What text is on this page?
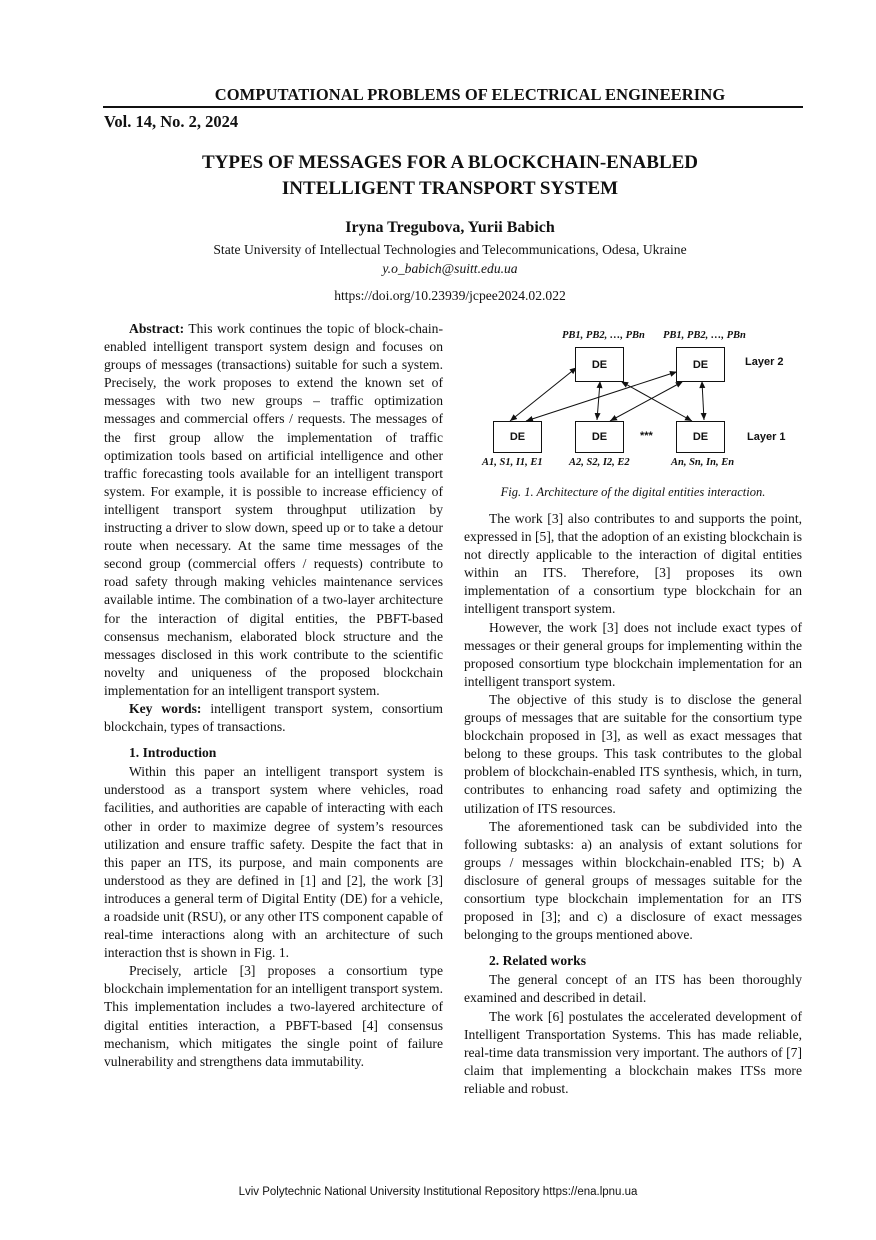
COMPUTATIONAL PROBLEMS OF ELECTRICAL ENGINEERING
Vol. 14, No. 2, 2024
TYPES OF MESSAGES FOR A BLOCKCHAIN-ENABLED
INTELLIGENT TRANSPORT SYSTEM
Iryna Tregubova, Yurii Babich
State University of Intellectual Technologies and Telecommunications, Odesa, Ukraine
y.o_babich@suitt.edu.ua
https://doi.org/10.23939/jcpee2024.02.022

Abstract: This work continues the topic of block-chain-enabled intelligent transport system design and focuses on groups of messages (transactions) suitable for such a system. Precisely, the work proposes to extend the known set of messages with two new groups – traffic optimization messages and commercial offers / requests. The messages of the first group allow the implementation of traffic optimization tools based on artificial intelligence and other traffic forecasting tools available for an intelligent transport system. For example, it is possible to increase efficiency of intelligent transport system throughput utilization by instructing a driver to slow down, speed up or to take a detour route when necessary. At the same time messages of the second group (commercial offers / requests) contribute to road safety through making vehicles maintenance services available intime. The combination of a two-layer architecture for the interaction of digital entities, the PBFT-based consensus mechanism, elaborated block structure and the messages disclosed in this work contribute to the scientific novelty and uniqueness of the proposed blockchain implementation for an intelligent transport system.

Key words: intelligent transport system, consortium blockchain, types of transactions.

1. Introduction

Within this paper an intelligent transport system is understood as a transport system where vehicles, road facilities, and authorities are capable of interacting with each other in order to maximize degree of system’s resources utilization and ensure traffic safety. Despite the fact that in this paper an ITS, its purpose, and main components are understood as they are defined in [1] and [2], the work [3] introduces a general term of Digital Entity (DE) for a vehicle, a roadside unit (RSU), or any other ITS component capable of real-time interactions along with an architecture of such interaction thst is shown in Fig. 1.

Precisely, article [3] proposes a consortium type blockchain implementation for an intelligent transport system. This implementation includes a two-layered architecture of digital entities interaction, a PBFT-based [4] consensus mechanism, which mitigates the single point of failure vulnerability and strengthens data immutability.

PB1, PB2, …, PBn PB1, PB2, …, PBn
DE	DE	Layer 2
DE	DE	***	DE	Layer 1
A1, S1, I1, E1	A2, S2, I2, E2	An, Sn, In, En
Fig. 1. Architecture of the digital entities interaction.

The work [3] also contributes to and supports the point, expressed in [5], that the adoption of an existing blockchain is not directly applicable to the interaction of digital entities within an ITS. Therefore, [3] proposes its own implementation of a consortium type blockchain for an intelligent transport system.

However, the work [3] does not include exact types of messages or their general groups for implementing within the proposed consortium type blockchain implementation for an intelligent transport system.

The objective of this study is to disclose the general groups of messages that are suitable for the consortium type blockchain proposed in [3], as well as exact messages that belong to these groups. This task contributes to the global problem of blockchain-enabled ITS synthesis, which, in turn, contributes to enhancing road safety and optimizing the utilization of ITS resources.

The aforementioned task can be subdivided into the following subtasks: a) an analysis of extant solutions for groups / messages within blockchain-enabled ITS; b) A disclosure of general groups of messages suitable for the consortium type blockchain implementation for an ITS proposed in [3]; and c) a disclosure of exact messages belonging to the groups mentioned above.

2. Related works

The general concept of an ITS has been thoroughly examined and described in detail.

The work [6] postulates the accelerated development of Intelligent Transportation Systems. This has made reliable, real-time data transmission very important. The authors of [7] claim that implementing a blockchain makes ITSs more reliable and robust.

Lviv Polytechnic National University Institutional Repository https://ena.lpnu.ua
